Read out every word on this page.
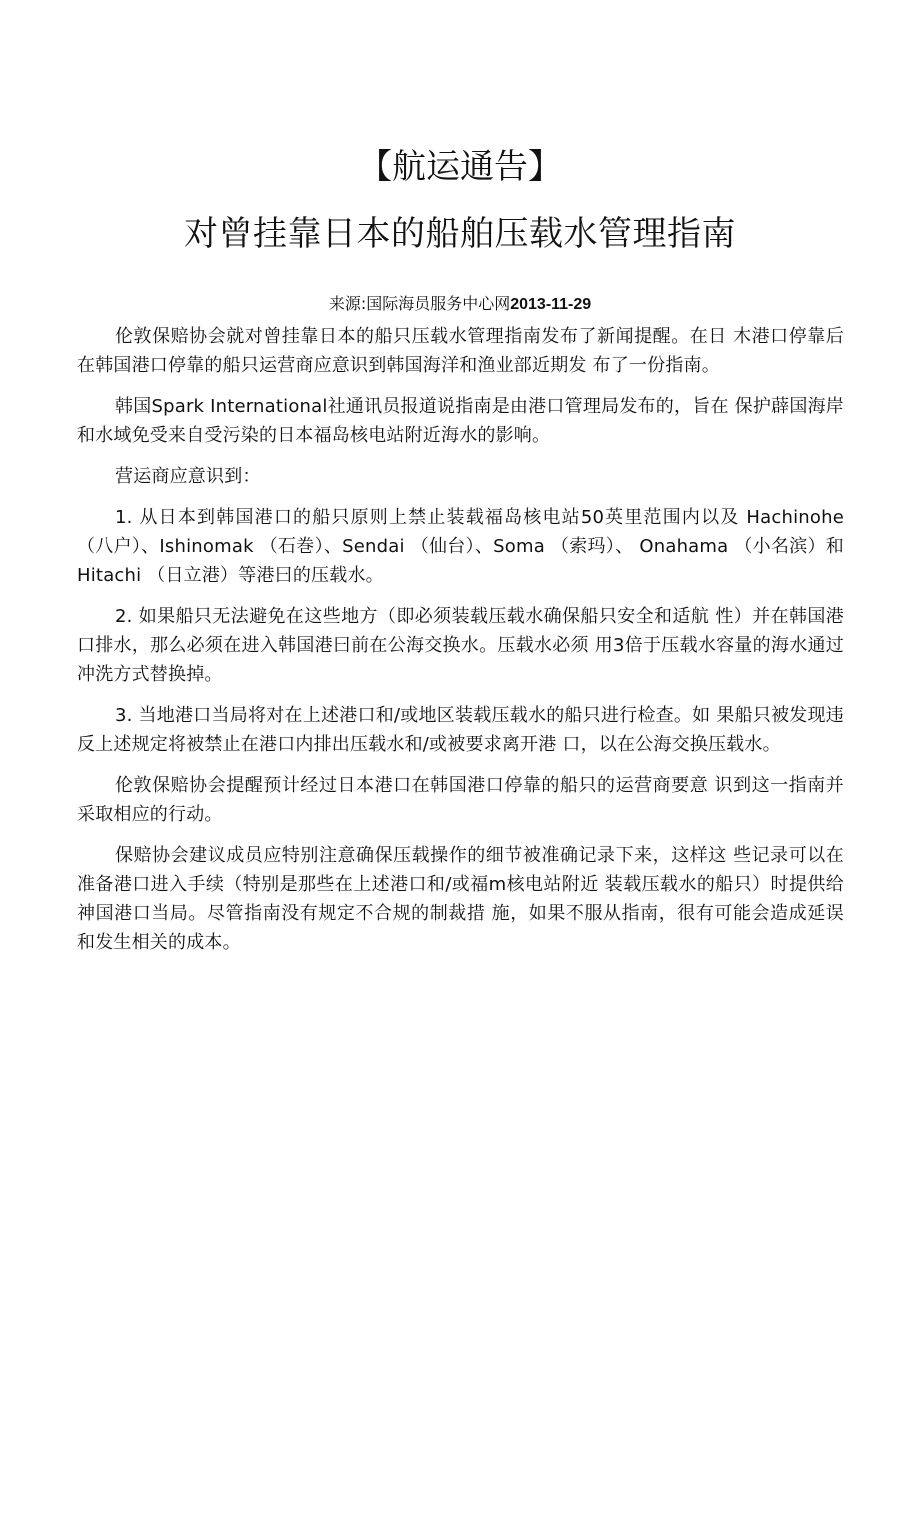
【航运通告】
对曾挂靠日本的船舶压载水管理指南
来源:国际海员服务中心网2013-11-29

伦敦保赔协会就对曾挂靠日本的船只压载水管理指南发布了新闻提醒。在日 木港口停靠后在韩国港口停靠的船只运营商应意识到韩国海洋和渔业部近期发 布了一份指南。

韩国Spark International社通讯员报道说指南是由港口管理局发布的，旨在 保护薜国海岸和水域免受来自受污染的日本福岛核电站附近海水的影响。

营运商应意识到：

1. 从日本到韩国港口的船只原则上禁止装载福岛核电站50英里范围内以及 Hachinohe （八户）、Ishinomak （石巻）、Sendai （仙台）、Soma （索玛）、 Onahama （小名滨）和Hitachi （日立港）等港曰的压载水。

2. 如果船只无法避免在这些地方（即必须装载压载水确保船只安全和适航 性）并在韩国港口排水，那么必须在进入韩国港曰前在公海交换水。压载水必须 用3倍于压载水容量的海水通过冲洗方式替换掉。

3. 当地港口当局将对在上述港口和/或地区装载压载水的船只进行检查。如 果船只被发现违反上述规定将被禁止在港口内排出压载水和/或被要求离开港 口，以在公海交换压载水。

伦敦保赔协会提醒预计经过日本港口在韩国港口停靠的船只的运营商要意 识到这一指南并采取相应的行动。

保赔协会建议成员应特别注意确保压载操作的细节被准确记录下来，这样这 些记录可以在准备港口进入手续（特别是那些在上述港口和/或福m核电站附近 装载压载水的船只）时提供给神国港口当局。尽管指南没有规定不合规的制裁措 施，如果不服从指南，很有可能会造成延误和发生相关的成本。
